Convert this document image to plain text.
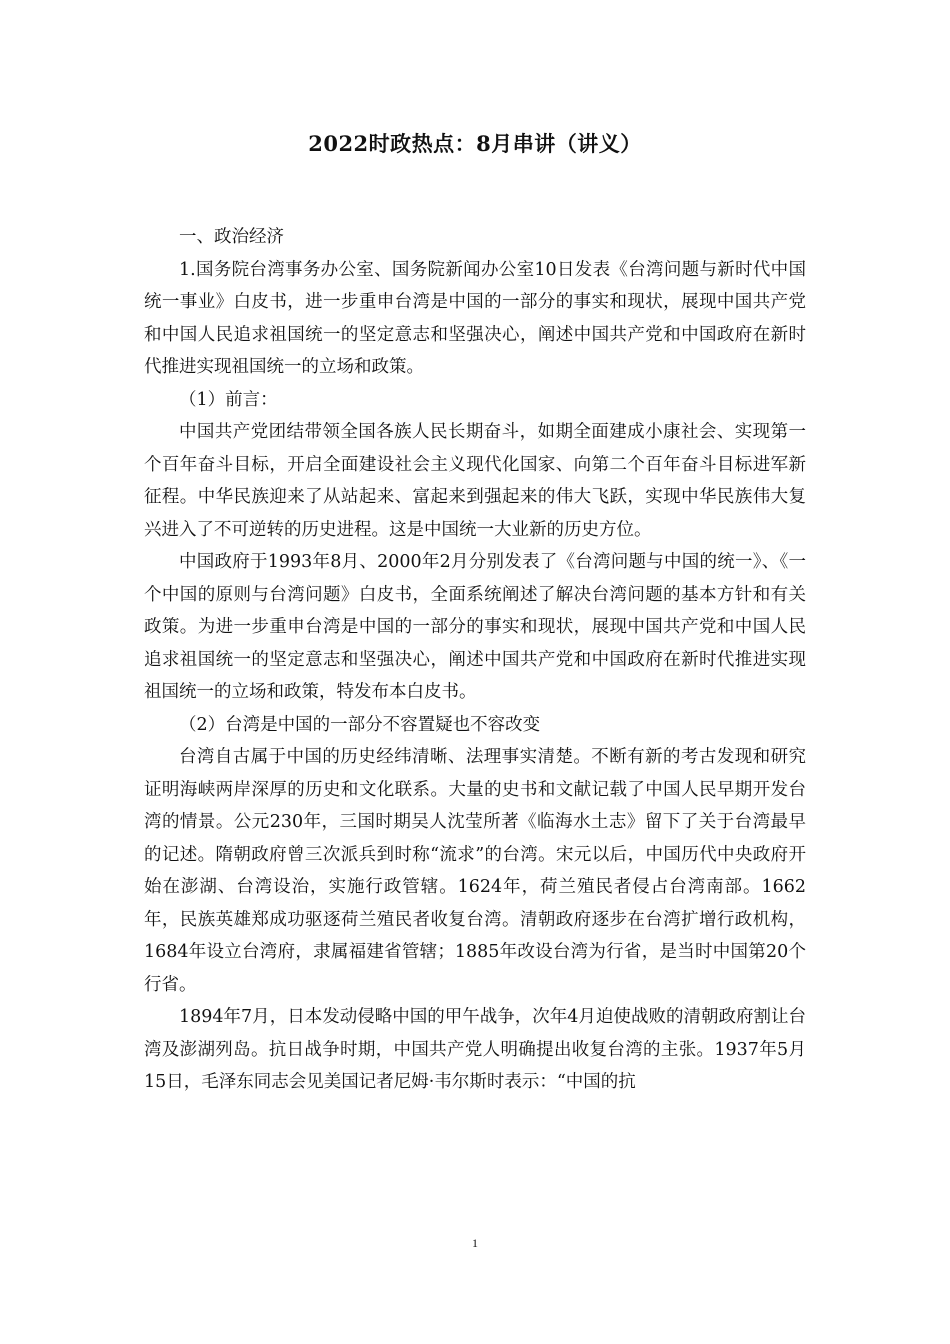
2022时政热点：8月串讲（讲义）

一、政治经济

1.国务院台湾事务办公室、国务院新闻办公室10日发表《台湾问题与新时代中国统一事业》白皮书，进一步重申台湾是中国的一部分的事实和现状，展现中国共产党和中国人民追求祖国统一的坚定意志和坚强决心，阐述中国共产党和中国政府在新时代推进实现祖国统一的立场和政策。

（1）前言：

中国共产党团结带领全国各族人民长期奋斗，如期全面建成小康社会、实现第一个百年奋斗目标，开启全面建设社会主义现代化国家、向第二个百年奋斗目标进军新征程。中华民族迎来了从站起来、富起来到强起来的伟大飞跃，实现中华民族伟大复兴进入了不可逆转的历史进程。这是中国统一大业新的历史方位。

中国政府于1993年8月、2000年2月分别发表了《台湾问题与中国的统一》、《一个中国的原则与台湾问题》白皮书，全面系统阐述了解决台湾问题的基本方针和有关政策。为进一步重申台湾是中国的一部分的事实和现状，展现中国共产党和中国人民追求祖国统一的坚定意志和坚强决心，阐述中国共产党和中国政府在新时代推进实现祖国统一的立场和政策，特发布本白皮书。

（2）台湾是中国的一部分不容置疑也不容改变

台湾自古属于中国的历史经纬清晰、法理事实清楚。不断有新的考古发现和研究证明海峡两岸深厚的历史和文化联系。大量的史书和文献记载了中国人民早期开发台湾的情景。公元230年，三国时期吴人沈莹所著《临海水土志》留下了关于台湾最早的记述。隋朝政府曾三次派兵到时称“流求”的台湾。宋元以后，中国历代中央政府开始在澎湖、台湾设治，实施行政管辖。1624年，荷兰殖民者侵占台湾南部。1662年，民族英雄郑成功驱逐荷兰殖民者收复台湾。清朝政府逐步在台湾扩增行政机构，1684年设立台湾府，隶属福建省管辖；1885年改设台湾为行省，是当时中国第20个行省。

1894年7月，日本发动侵略中国的甲午战争，次年4月迫使战败的清朝政府割让台湾及澎湖列岛。抗日战争时期，中国共产党人明确提出收复台湾的主张。1937年5月15日，毛泽东同志会见美国记者尼姆·韦尔斯时表示：“中国的抗

1
